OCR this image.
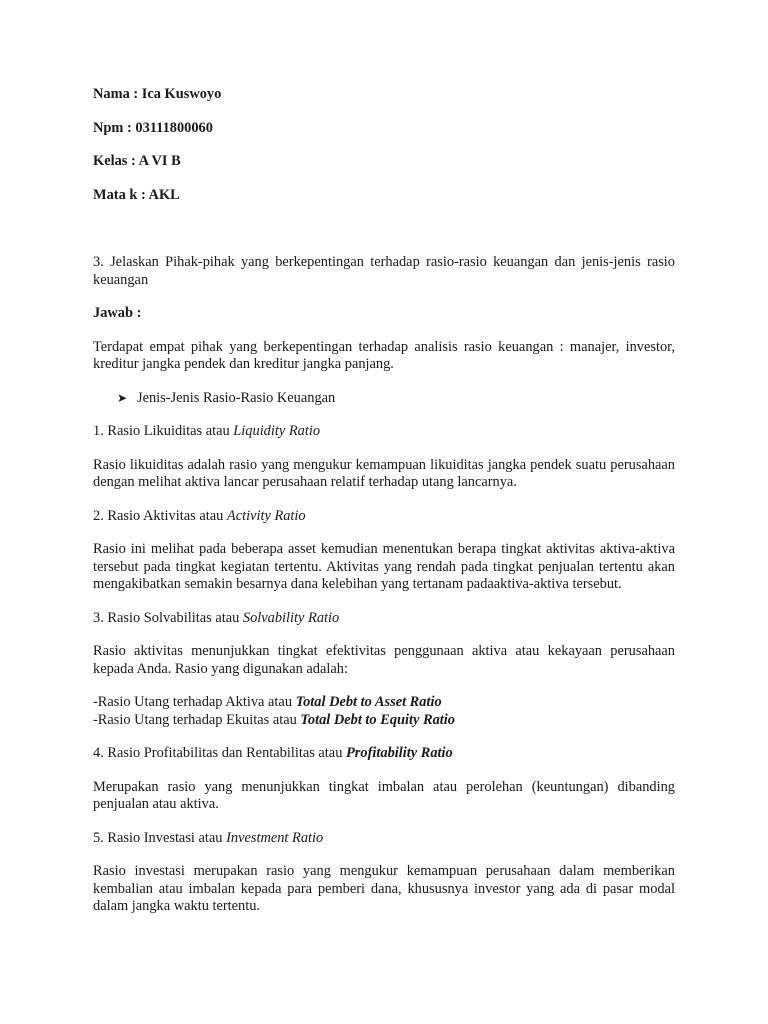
Nama : Ica Kuswoyo

Npm : 03111800060

Kelas : A VI B

Mata k : AKL

3. Jelaskan Pihak-pihak yang berkepentingan terhadap rasio-rasio keuangan dan jenis-jenis rasio keuangan

Jawab :

Terdapat empat pihak yang berkepentingan terhadap analisis rasio keuangan : manajer, investor, kreditur jangka pendek dan kreditur jangka panjang.

➤ Jenis-Jenis Rasio-Rasio Keuangan

1. Rasio Likuiditas atau Liquidity Ratio

Rasio likuiditas adalah rasio yang mengukur kemampuan likuiditas jangka pendek suatu perusahaan dengan melihat aktiva lancar perusahaan relatif terhadap utang lancarnya.

2. Rasio Aktivitas atau Activity Ratio

Rasio ini melihat pada beberapa asset kemudian menentukan berapa tingkat aktivitas aktiva-aktiva tersebut pada tingkat kegiatan tertentu. Aktivitas yang rendah pada tingkat penjualan tertentu akan mengakibatkan semakin besarnya dana kelebihan yang tertanam padaaktiva-aktiva tersebut.

3. Rasio Solvabilitas atau Solvability Ratio

Rasio aktivitas menunjukkan tingkat efektivitas penggunaan aktiva atau kekayaan perusahaan kepada Anda. Rasio yang digunakan adalah:

-Rasio Utang terhadap Aktiva atau Total Debt to Asset Ratio

-Rasio Utang terhadap Ekuitas atau Total Debt to Equity Ratio

4. Rasio Profitabilitas dan Rentabilitas atau Profitability Ratio

Merupakan rasio yang menunjukkan tingkat imbalan atau perolehan (keuntungan) dibanding penjualan atau aktiva.

5. Rasio Investasi atau Investment Ratio

Rasio investasi merupakan rasio yang mengukur kemampuan perusahaan dalam memberikan kembalian atau imbalan kepada para pemberi dana, khususnya investor yang ada di pasar modal dalam jangka waktu tertentu.
